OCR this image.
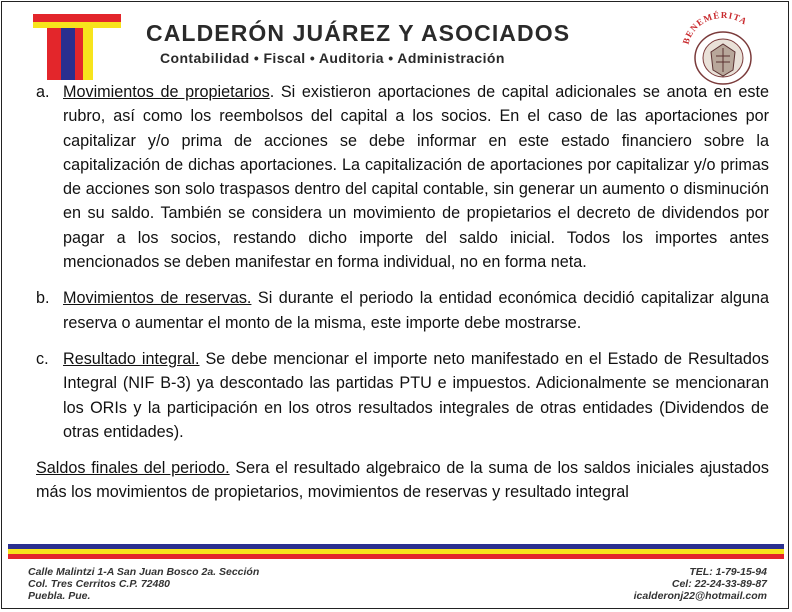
CALDERÓN JUÁREZ Y ASOCIADOS
Contabilidad • Fiscal • Auditoria • Administración
BENEMÉRITA

a. Movimientos de propietarios. Si existieron aportaciones de capital adicionales se anota en este rubro, así como los reembolsos del capital a los socios. En el caso de las aportaciones por capitalizar y/o prima de acciones se debe informar en este estado financiero sobre la capitalización de dichas aportaciones. La capitalización de aportaciones por capitalizar y/o primas de acciones son solo traspasos dentro del capital contable, sin generar un aumento o disminución en su saldo. También se considera un movimiento de propietarios el decreto de dividendos por pagar a los socios, restando dicho importe del saldo inicial. Todos los importes antes mencionados se deben manifestar en forma individual, no en forma neta.

b. Movimientos de reservas. Si durante el periodo la entidad económica decidió capitalizar alguna reserva o aumentar el monto de la misma, este importe debe mostrarse.

c. Resultado integral. Se debe mencionar el importe neto manifestado en el Estado de Resultados Integral (NIF B-3) ya descontado las partidas PTU e impuestos. Adicionalmente se mencionaran los ORIs y la participación en los otros resultados integrales de otras entidades (Dividendos de otras entidades).

Saldos finales del periodo. Sera el resultado algebraico de la suma de los saldos iniciales ajustados más los movimientos de propietarios, movimientos de reservas y resultado integral

Calle Malintzi 1-A San Juan Bosco 2a. Sección
Col. Tres Cerritos C.P. 72480
Puebla. Pue.
TEL: 1-79-15-94
Cel: 22-24-33-89-87
icalderonj22@hotmail.com
